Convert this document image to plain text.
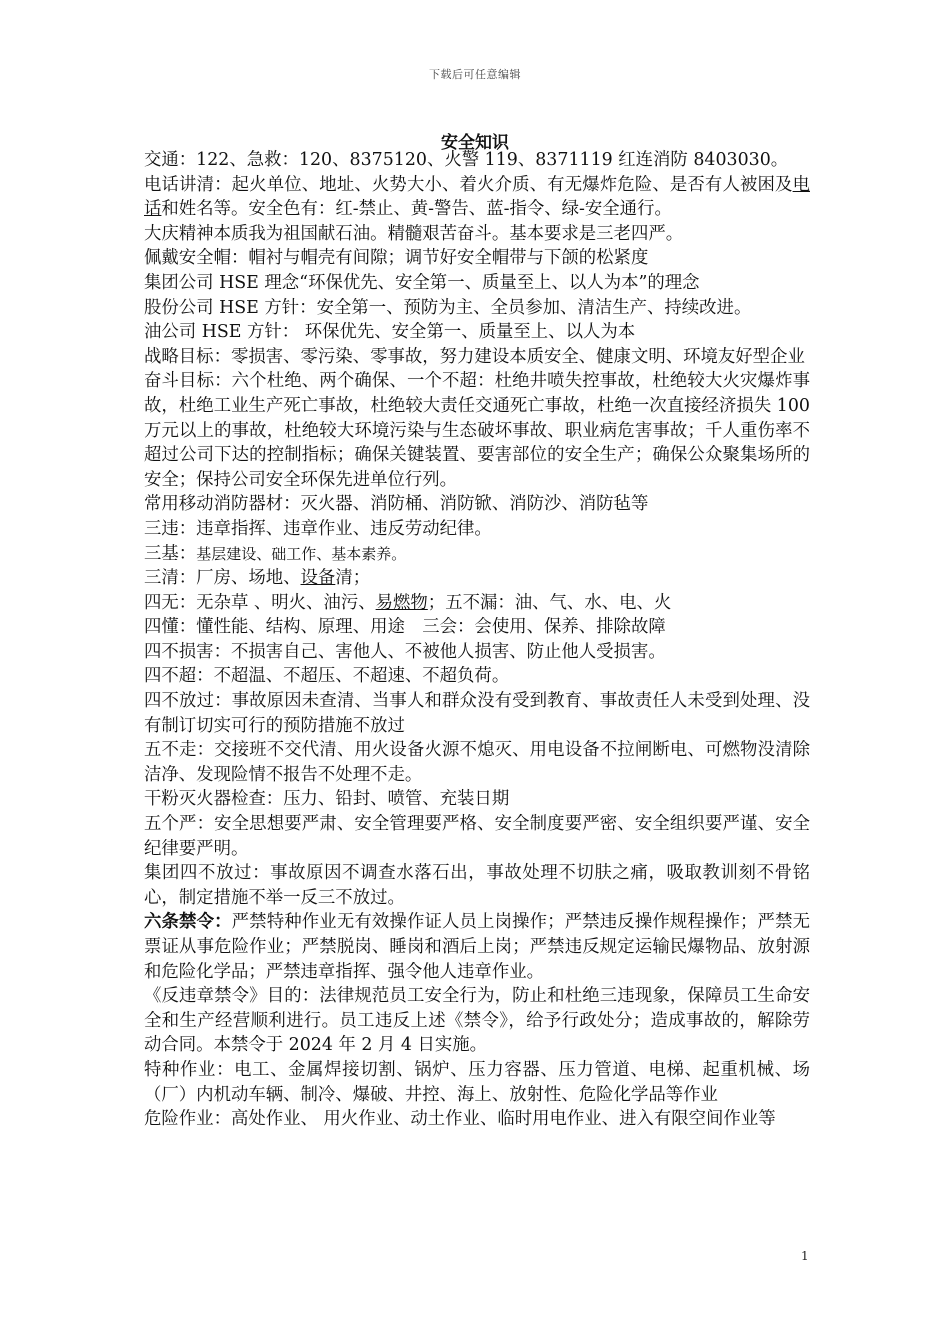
下载后可任意编辑
安全知识

交通：122、急救：120、8375120、火警 119、8371119 红连消防 8403030。

电话讲清：起火单位、地址、火势大小、着火介质、有无爆炸危险、是否有人被困及电话和姓名等。安全色有：红-禁止、黄-警告、蓝-指令、绿-安全通行。

大庆精神本质我为祖国献石油。精髓艰苦奋斗。基本要求是三老四严。

佩戴安全帽：帽衬与帽壳有间隙；调节好安全帽带与下颌的松紧度

集团公司 HSE 理念“环保优先、安全第一、质量至上、以人为本”的理念

股份公司 HSE 方针：安全第一、预防为主、全员参加、清洁生产、持续改进。

油公司 HSE 方针： 环保优先、安全第一、质量至上、以人为本

战略目标：零损害、零污染、零事故，努力建设本质安全、健康文明、环境友好型企业

奋斗目标：六个杜绝、两个确保、一个不超：杜绝井喷失控事故，杜绝较大火灾爆炸事故，杜绝工业生产死亡事故，杜绝较大责任交通死亡事故，杜绝一次直接经济损失 100 万元以上的事故，杜绝较大环境污染与生态破坏事故、职业病危害事故；千人重伤率不超过公司下达的控制指标；确保关键装置、要害部位的安全生产；确保公众聚集场所的安全；保持公司安全环保先进单位行列。

常用移动消防器材：灭火器、消防桶、消防锨、消防沙、消防毡等

三违：违章指挥、违章作业、违反劳动纪律。

三基：基层建设、础工作、基本素养。

三清：厂房、场地、设备清；

四无：无杂草 、明火、油污、易燃物；五不漏：油、气、水、电、火

四懂：懂性能、结构、原理、用途　三会：会使用、保养、排除故障

四不损害：不损害自己、害他人、不被他人损害、防止他人受损害。

四不超：不超温、不超压、不超速、不超负荷。

四不放过：事故原因未查清、当事人和群众没有受到教育、事故责任人未受到处理、没有制订切实可行的预防措施不放过

五不走：交接班不交代清、用火设备火源不熄灭、用电设备不拉闸断电、可燃物没清除洁净、发现险情不报告不处理不走。

干粉灭火器检查：压力、铅封、喷管、充装日期

五个严：安全思想要严肃、安全管理要严格、安全制度要严密、安全组织要严谨、安全纪律要严明。

集团四不放过：事故原因不调查水落石出，事故处理不切肤之痛，吸取教训刻不骨铭心，制定措施不举一反三不放过。

六条禁令：严禁特种作业无有效操作证人员上岗操作；严禁违反操作规程操作；严禁无票证从事危险作业；严禁脱岗、睡岗和酒后上岗；严禁违反规定运输民爆物品、放射源和危险化学品；严禁违章指挥、强令他人违章作业。

《反违章禁令》目的：法律规范员工安全行为，防止和杜绝三违现象，保障员工生命安全和生产经营顺利进行。员工违反上述《禁令》，给予行政处分；造成事故的，解除劳动合同。本禁令于 2024 年 2 月 4 日实施。

特种作业：电工、金属焊接切割、锅炉、压力容器、压力管道、电梯、起重机械、场（厂）内机动车辆、制冷、爆破、井控、海上、放射性、危险化学品等作业

危险作业：高处作业、 用火作业、动土作业、临时用电作业、进入有限空间作业等

1
